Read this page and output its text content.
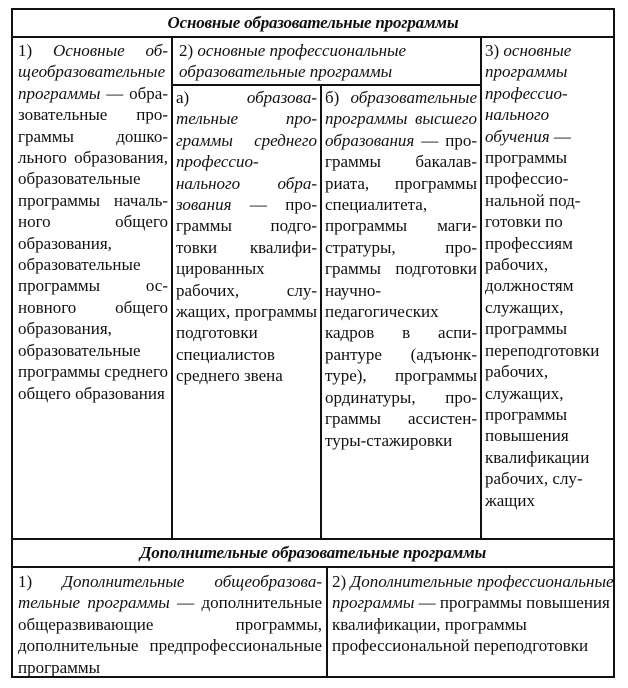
Основные образовательные программы
1) Основные общеобразовательные программы — образовательные программы дошкольного образования, образовательные программы начального общего образования, образовательные программы основного общего образования, образовательные программы среднего общего образования
2) основные профессиональные образовательные программы
а)	образовательные программы среднего профессионального образования — программы подготовки квалифицированных рабочих, служащих, программы подготовки специалистов среднего звена
б) образовательные программы высшего образования — программы бакалавриата, программы специалитета, программы магистратуры, программы подготовки научно-педагогических кадров в аспирантуре (адъюнктуре), программы ординатуры, программы ассистентуры-стажировки
3) основные программы профессионального обучения — программы профессиональной подготовки по профессиям рабочих, должностям служащих, программы переподготовки рабочих, служащих, программы повышения квалификации рабочих, служащих
Дополнительные образовательные программы
1) Дополнительные общеобразовательные программы — дополнительные общеразвивающие программы, дополнительные предпрофессиональные программы
2) Дополнительные профессиональные программы — программы повышения квалификации, программы профессиональной переподготовки
